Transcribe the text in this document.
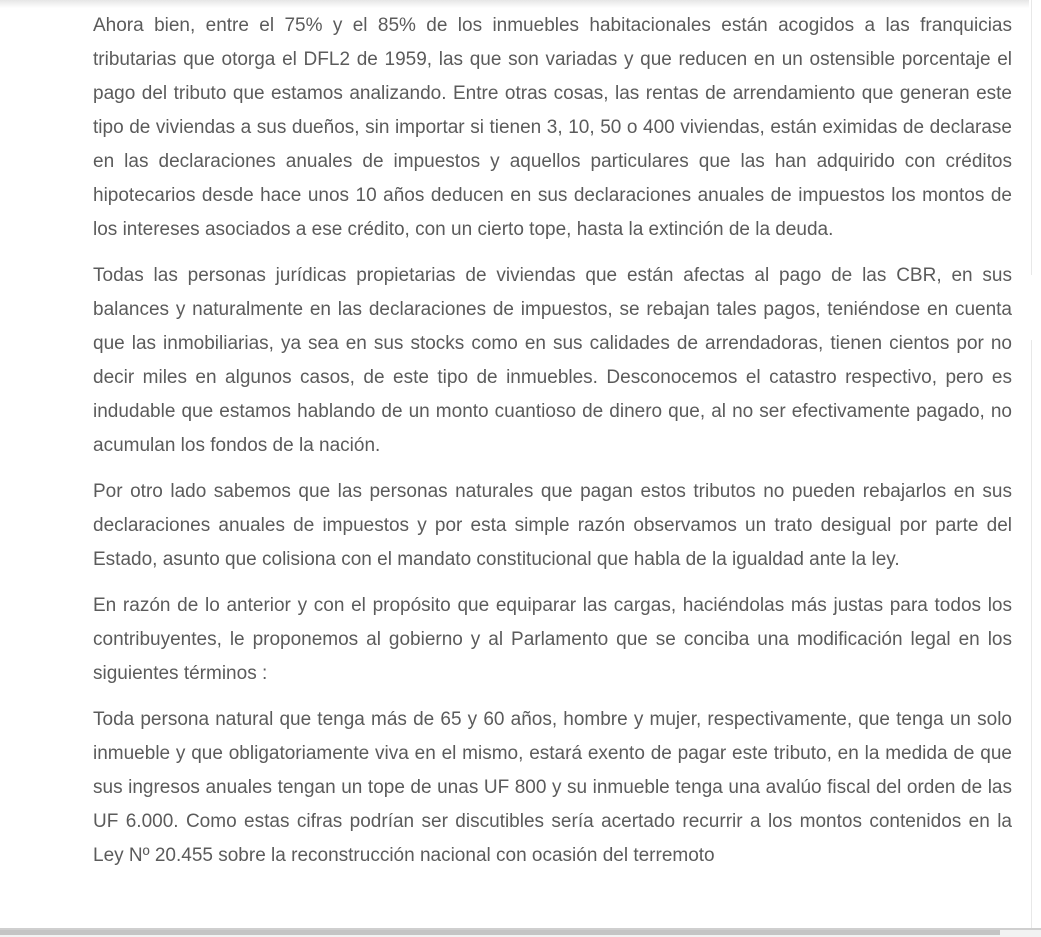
Ahora bien, entre el 75% y el 85% de los inmuebles habitacionales están acogidos a las franquicias tributarias que otorga el DFL2 de 1959, las que son variadas y que reducen en un ostensible porcentaje el pago del tributo que estamos analizando. Entre otras cosas, las rentas de arrendamiento que generan este tipo de viviendas a sus dueños, sin importar si tienen 3, 10, 50 o 400 viviendas, están eximidas de declarase en las declaraciones anuales de impuestos y aquellos particulares que las han adquirido con créditos hipotecarios desde hace unos 10 años deducen en sus declaraciones anuales de impuestos los montos de los intereses asociados a ese crédito, con un cierto tope, hasta la extinción de la deuda.

Todas las personas jurídicas propietarias de viviendas que están afectas al pago de las CBR, en sus balances y naturalmente en las declaraciones de impuestos, se rebajan tales pagos, teniéndose en cuenta que las inmobiliarias, ya sea en sus stocks como en sus calidades de arrendadoras, tienen cientos por no decir miles en algunos casos, de este tipo de inmuebles. Desconocemos el catastro respectivo, pero es indudable que estamos hablando de un monto cuantioso de dinero que, al no ser efectivamente pagado, no acumulan los fondos de la nación.

Por otro lado sabemos que las personas naturales que pagan estos tributos no pueden rebajarlos en sus declaraciones anuales de impuestos y por esta simple razón observamos un trato desigual por parte del Estado, asunto que colisiona con el mandato constitucional que habla de la igualdad ante la ley.

En razón de lo anterior y con el propósito que equiparar las cargas, haciéndolas más justas para todos los contribuyentes, le proponemos al gobierno y al Parlamento que se conciba una modificación legal en los siguientes términos :

Toda persona natural que tenga más de 65 y 60 años, hombre y mujer, respectivamente, que tenga un solo inmueble y que obligatoriamente viva en el mismo, estará exento de pagar este tributo, en la medida de que sus ingresos anuales tengan un tope de unas UF 800 y su inmueble tenga una avalúo fiscal del orden de las UF 6.000. Como estas cifras podrían ser discutibles sería acertado recurrir a los montos contenidos en la Ley Nº 20.455 sobre la reconstrucción nacional con ocasión del terremoto
